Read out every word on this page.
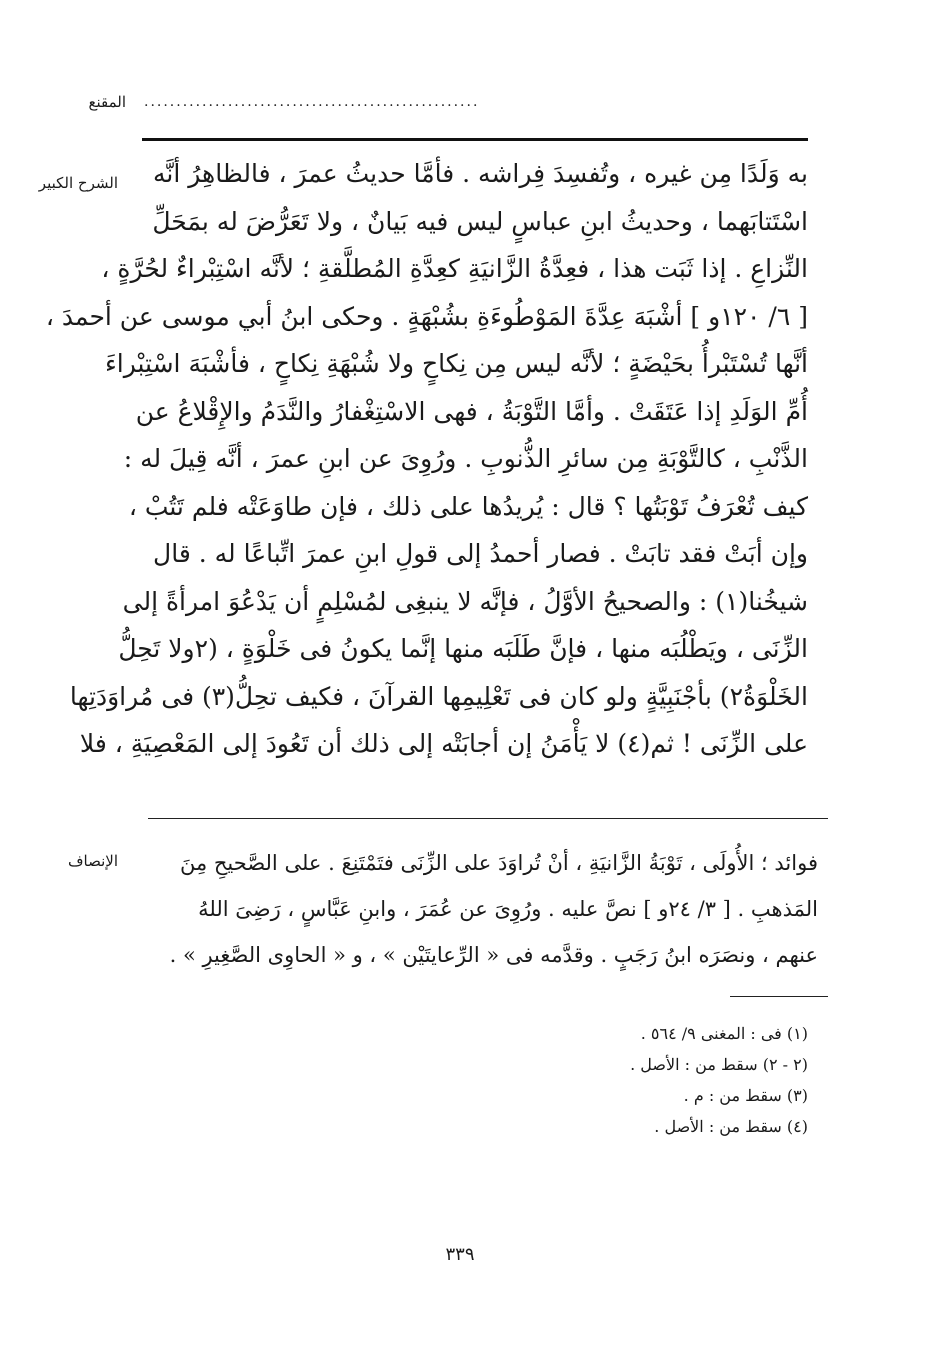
المقنع ....................................................
الشرح الكبير	به وَلَدًا مِن غيره ، وتُفسِدَ فِراشه . فأمَّا حديثُ عمرَ ، فالظاهِرُ أنَّه
اسْتَتابَهما ، وحديثُ ابنِ عباسٍ ليس فيه بَيانٌ ، ولا تَعَرُّضَ له بمَحَلِّ
النِّزاعِ . إذا ثَبَت هذا ، فعِدَّةُ الزَّانيَةِ كعِدَّةِ المُطلَّقةِ ؛ لأنَّه اسْتِبْراءٌ لحُرَّةٍ ،
[ ٦/ ١٢٠و ] أشْبَهَ عِدَّةَ المَوْطُوءَةِ بشُبْهَةٍ . وحكى ابنُ أبي موسى عن أحمدَ ،
أنَّها تُسْتَبْرأُ بحَيْضَةٍ ؛ لأنَّه ليس مِن نِكاحٍ ولا شُبْهَةِ نِكاحٍ ، فأشْبَهَ اسْتِبْراءَ
أُمِّ الوَلَدِ إذا عَتَقَتْ . وأمَّا التَّوْبَةُ ، فهى الاسْتِغْفارُ والنَّدَمُ والإِقْلاعُ عن
الذَّنْبِ ، كالتَّوْبَةِ مِن سائرِ الذُّنوبِ . ورُوِىَ عن ابنِ عمرَ ، أنَّه قِيلَ له :
كيف تُعْرَفُ تَوْبَتُها ؟ قال : يُريدُها على ذلك ، فإن طاوَعَتْه فلم تَتُبْ ،
وإن أبَتْ فقد تابَتْ . فصار أحمدُ إلى قولِ ابنِ عمرَ اتِّباعًا له . قال
شيخُنا(١) : والصحيحُ الأوَّلُ ، فإنَّه لا ينبغِى لمُسْلِمٍ أن يَدْعُوَ امرأةً إلى
الزِّنَى ، ويَطْلُبَه منها ، فإنَّ طَلَبَه منها إنَّما يكونُ فى خَلْوَةٍ ، (٢ولا تَحِلُّ
الخَلْوَةُ٢) بأجْنَبِيَّةٍ ولو كان فى تَعْلِيمِها القرآنَ ، فكيف تحِلُّ(٣) فى مُراوَدَتِها
على الزِّنَى ! ثم(٤) لا يَأْمَنُ إن أجابَتْه إلى ذلك أن تَعُودَ إلى المَعْصِيَةِ ، فلا
الإنصاف	فوائد ؛ الأُولَى ، تَوْبَةُ الزَّانيَةِ ، أنْ تُراوَدَ على الزِّنَى فتَمْتَنِعَ . على الصَّحيحِ مِنَ
المَذهبِ . [ ٣/ ٢٤و ] نصَّ عليه . ورُوِىَ عن عُمَرَ ، وابنِ عَبَّاسٍ ، رَضِىَ اللهُ
عنهم ، ونصَرَه ابنُ رَجَبٍ . وقدَّمه فى « الرِّعايتَيْن » ، و « الحاوِى الصَّغِيرِ » .
(١) فى : المغنى ٩/ ٥٦٤ .
(٢ - ٢) سقط من : الأصل .
(٣) سقط من : م .
(٤) سقط من : الأصل .
٣٣٩
